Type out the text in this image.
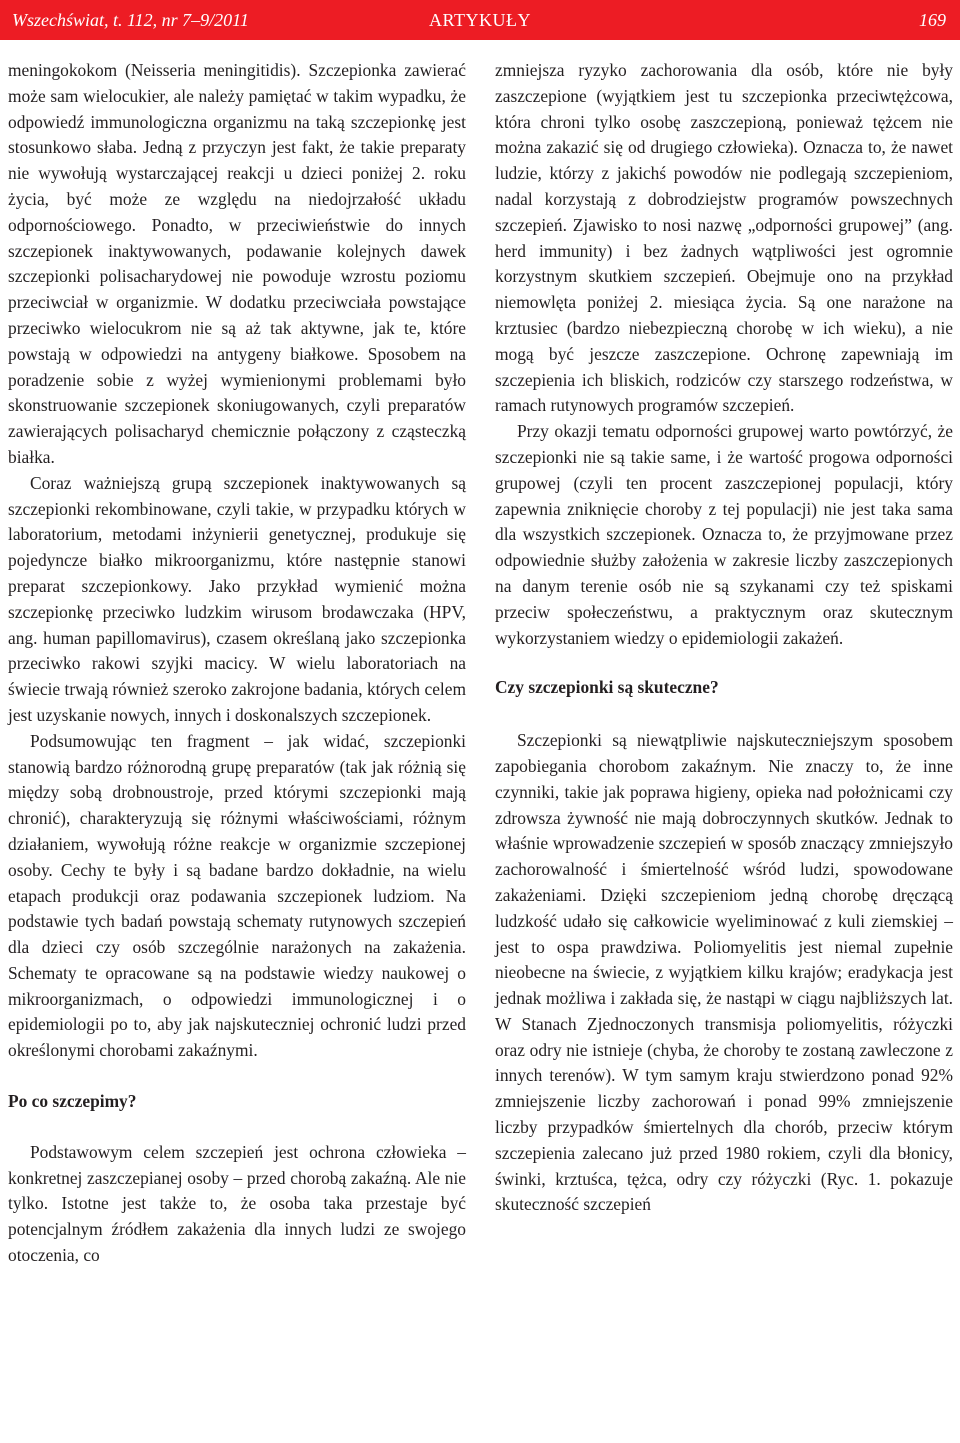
Wszechświat, t. 112, nr 7–9/2011	ARTYKUŁY	169

meningokokom (Neisseria meningitidis). Szczepionka zawierać może sam wielocukier, ale należy pamiętać w takim wypadku, że odpowiedź immunologiczna organizmu na taką szczepionkę jest stosunkowo słaba. Jedną z przyczyn jest fakt, że takie preparaty nie wywołują wystarczającej reakcji u dzieci poniżej 2. roku życia, być może ze względu na niedojrzałość układu odpornościowego. Ponadto, w przeciwieństwie do innych szczepionek inaktywowanych, podawanie kolejnych dawek szczepionki polisacharydowej nie powoduje wzrostu poziomu przeciwciał w organizmie. W dodatku przeciwciała powstające przeciwko wielocukrom nie są aż tak aktywne, jak te, które powstają w odpowiedzi na antygeny białkowe. Sposobem na poradzenie sobie z wyżej wymienionymi problemami było skonstruowanie szczepionek skoniugowanych, czyli preparatów zawierających polisacharyd chemicznie połączony z cząsteczką białka.

Coraz ważniejszą grupą szczepionek inaktywowanych są szczepionki rekombinowane, czyli takie, w przypadku których w laboratorium, metodami inżynierii genetycznej, produkuje się pojedyncze białko mikroorganizmu, które następnie stanowi preparat szczepionkowy. Jako przykład wymienić można szczepionkę przeciwko ludzkim wirusom brodawczaka (HPV, ang. human papillomavirus), czasem określaną jako szczepionka przeciwko rakowi szyjki macicy. W wielu laboratoriach na świecie trwają również szeroko zakrojone badania, których celem jest uzyskanie nowych, innych i doskonalszych szczepionek.

Podsumowując ten fragment – jak widać, szczepionki stanowią bardzo różnorodną grupę preparatów (tak jak różnią się między sobą drobnoustroje, przed którymi szczepionki mają chronić), charakteryzują się różnymi właściwościami, różnym działaniem, wywołują różne reakcje w organizmie szczepionej osoby. Cechy te były i są badane bardzo dokładnie, na wielu etapach produkcji oraz podawania szczepionek ludziom. Na podstawie tych badań powstają schematy rutynowych szczepień dla dzieci czy osób szczególnie narażonych na zakażenia. Schematy te opracowane są na podstawie wiedzy naukowej o mikroorganizmach, o odpowiedzi immunologicznej i o epidemiologii po to, aby jak najskuteczniej ochronić ludzi przed określonymi chorobami zakaźnymi.

Po co szczepimy?

Podstawowym celem szczepień jest ochrona człowieka – konkretnej zaszczepianej osoby – przed chorobą zakaźną. Ale nie tylko. Istotne jest także to, że osoba taka przestaje być potencjalnym źródłem zakażenia dla innych ludzi ze swojego otoczenia, co

zmniejsza ryzyko zachorowania dla osób, które nie były zaszczepione (wyjątkiem jest tu szczepionka przeciwtężcowa, która chroni tylko osobę zaszczepioną, ponieważ tężcem nie można zakazić się od drugiego człowieka). Oznacza to, że nawet ludzie, którzy z jakichś powodów nie podlegają szczepieniom, nadal korzystają z dobrodziejstw programów powszechnych szczepień. Zjawisko to nosi nazwę „odporności grupowej” (ang. herd immunity) i bez żadnych wątpliwości jest ogromnie korzystnym skutkiem szczepień. Obejmuje ono na przykład niemowlęta poniżej 2. miesiąca życia. Są one narażone na krztusiec (bardzo niebezpieczną chorobę w ich wieku), a nie mogą być jeszcze zaszczepione. Ochronę zapewniają im szczepienia ich bliskich, rodziców czy starszego rodzeństwa, w ramach rutynowych programów szczepień.

Przy okazji tematu odporności grupowej warto powtórzyć, że szczepionki nie są takie same, i że wartość progowa odporności grupowej (czyli ten procent zaszczepionej populacji, który zapewnia zniknięcie choroby z tej populacji) nie jest taka sama dla wszystkich szczepionek. Oznacza to, że przyjmowane przez odpowiednie służby założenia w zakresie liczby zaszczepionych na danym terenie osób nie są szykanami czy też spiskami przeciw społeczeństwu, a praktycznym oraz skutecznym wykorzystaniem wiedzy o epidemiologii zakażeń.

Czy szczepionki są skuteczne?

Szczepionki są niewątpliwie najskuteczniejszym sposobem zapobiegania chorobom zakaźnym. Nie znaczy to, że inne czynniki, takie jak poprawa higieny, opieka nad położnicami czy zdrowsza żywność nie mają dobroczynnych skutków. Jednak to właśnie wprowadzenie szczepień w sposób znaczący zmniejszyło zachorowalność i śmiertelność wśród ludzi, spowodowane zakażeniami. Dzięki szczepieniom jedną chorobę dręczącą ludzkość udało się całkowicie wyeliminować z kuli ziemskiej – jest to ospa prawdziwa. Poliomyelitis jest niemal zupełnie nieobecne na świecie, z wyjątkiem kilku krajów; eradykacja jest jednak możliwa i zakłada się, że nastąpi w ciągu najbliższych lat. W Stanach Zjednoczonych transmisja poliomyelitis, różyczki oraz odry nie istnieje (chyba, że choroby te zostaną zawleczone z innych terenów). W tym samym kraju stwierdzono ponad 92% zmniejszenie liczby zachorowań i ponad 99% zmniejszenie liczby przypadków śmiertelnych dla chorób, przeciw którym szczepienia zalecano już przed 1980 rokiem, czyli dla błonicy, świnki, krztuśca, tężca, odry czy różyczki (Ryc. 1. pokazuje skuteczność szczepień
